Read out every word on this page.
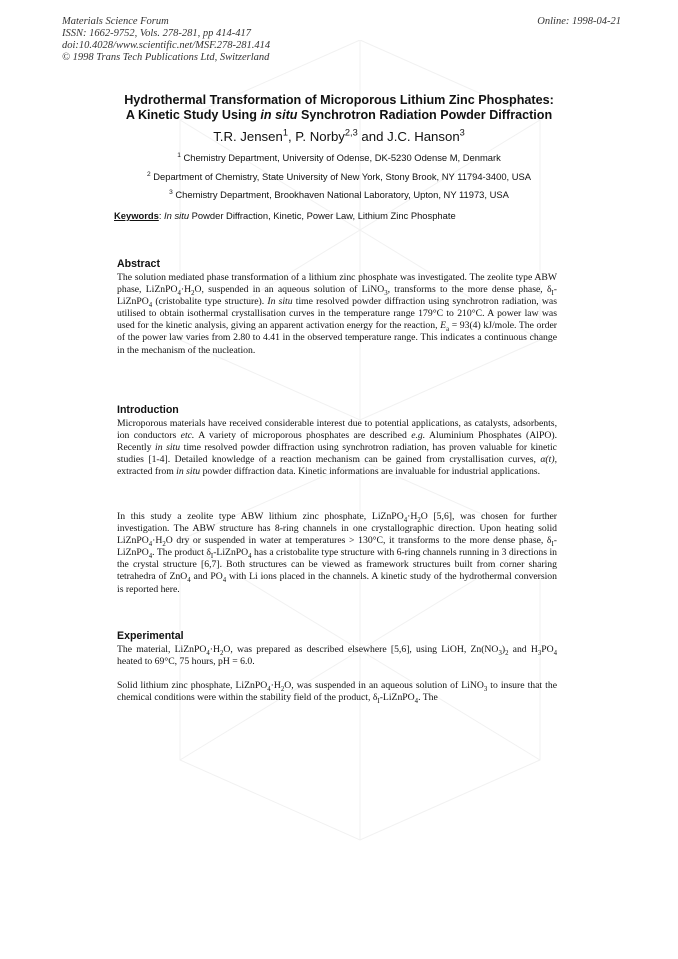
Materials Science Forum
ISSN: 1662-9752, Vols. 278-281, pp 414-417
doi:10.4028/www.scientific.net/MSF.278-281.414
© 1998 Trans Tech Publications Ltd, Switzerland
Online: 1998-04-21
Hydrothermal Transformation of Microporous Lithium Zinc Phosphates:
A Kinetic Study Using in situ Synchrotron Radiation Powder Diffraction
T.R. Jensen$^1$, P. Norby$^{2,3}$ and J.C. Hanson$^3$
$^1$ Chemistry Department, University of Odense, DK-5230 Odense M, Denmark
$^2$ Department of Chemistry, State University of New York, Stony Brook, NY 11794-3400, USA
$^3$ Chemistry Department, Brookhaven National Laboratory, Upton, NY 11973, USA
Keywords: In situ Powder Diffraction, Kinetic, Power Law, Lithium Zinc Phosphate
Abstract

The solution mediated phase transformation of a lithium zinc phosphate was investigated. The zeolite type ABW phase, $LiZnPO_4\cdot H_2O$, suspended in an aqueous solution of LiNO$_3$, transforms to the more dense phase, $\delta_I-LiZnPO_4$ (cristobalite type structure). In situ time resolved powder diffraction using synchrotron radiation, was utilised to obtain isothermal crystallisation curves in the temperature range 179°C to 210°C. A power law was used for the kinetic analysis, giving an apparent activation energy for the reaction, $E_a = 93(4)$ kJ/mole. The order of the power law varies from 2.80 to 4.41 in the observed temperature range. This indicates a continuous change in the mechanism of the nucleation.

Introduction

Microporous materials have received considerable interest due to potential applications, as catalysts, adsorbents, ion conductors etc. A variety of microporous phosphates are described e.g. Aluminium Phosphates (AlPO). Recently in situ time resolved powder diffraction using synchrotron radiation, has proven valuable for kinetic studies [1-4]. Detailed knowledge of a reaction mechanism can be gained from crystallisation curves, α(t), extracted from in situ powder diffraction data. Kinetic informations are invaluable for industrial applications.

In this study a zeolite type ABW lithium zinc phosphate, $LiZnPO_4\cdot H_2O$ [5,6], was chosen for further investigation. The ABW structure has 8-ring channels in one crystallographic direction. Upon heating solid $LiZnPO_4\cdot H_2O$ dry or suspended in water at temperatures > 130°C, it transforms to the more dense phase, $\delta_I-LiZnPO_4$. The product $\delta_I-LiZnPO_4$ has a cristobalite type structure with 6-ring channels running in 3 directions in the crystal structure [6,7]. Both structures can be viewed as framework structures built from corner sharing tetrahedra of ZnO$_4$ and $PO_4$ with Li ions placed in the channels. A kinetic study of the hydrothermal conversion is reported here.

Experimental

The material, $LiZnPO_4\cdot H_2O$, was prepared as described elsewhere [5,6], using LiOH, $Zn(NO_3)_2$ and $H_3PO_4$ heated to 69°C, 75 hours, pH = 6.0.

Solid lithium zinc phosphate, $LiZnPO_4\cdot H_2O$, was suspended in an aqueous solution of LiNO$_3$ to insure that the chemical conditions were within the stability field of the product, $\delta_I-LiZnPO_4$. The
